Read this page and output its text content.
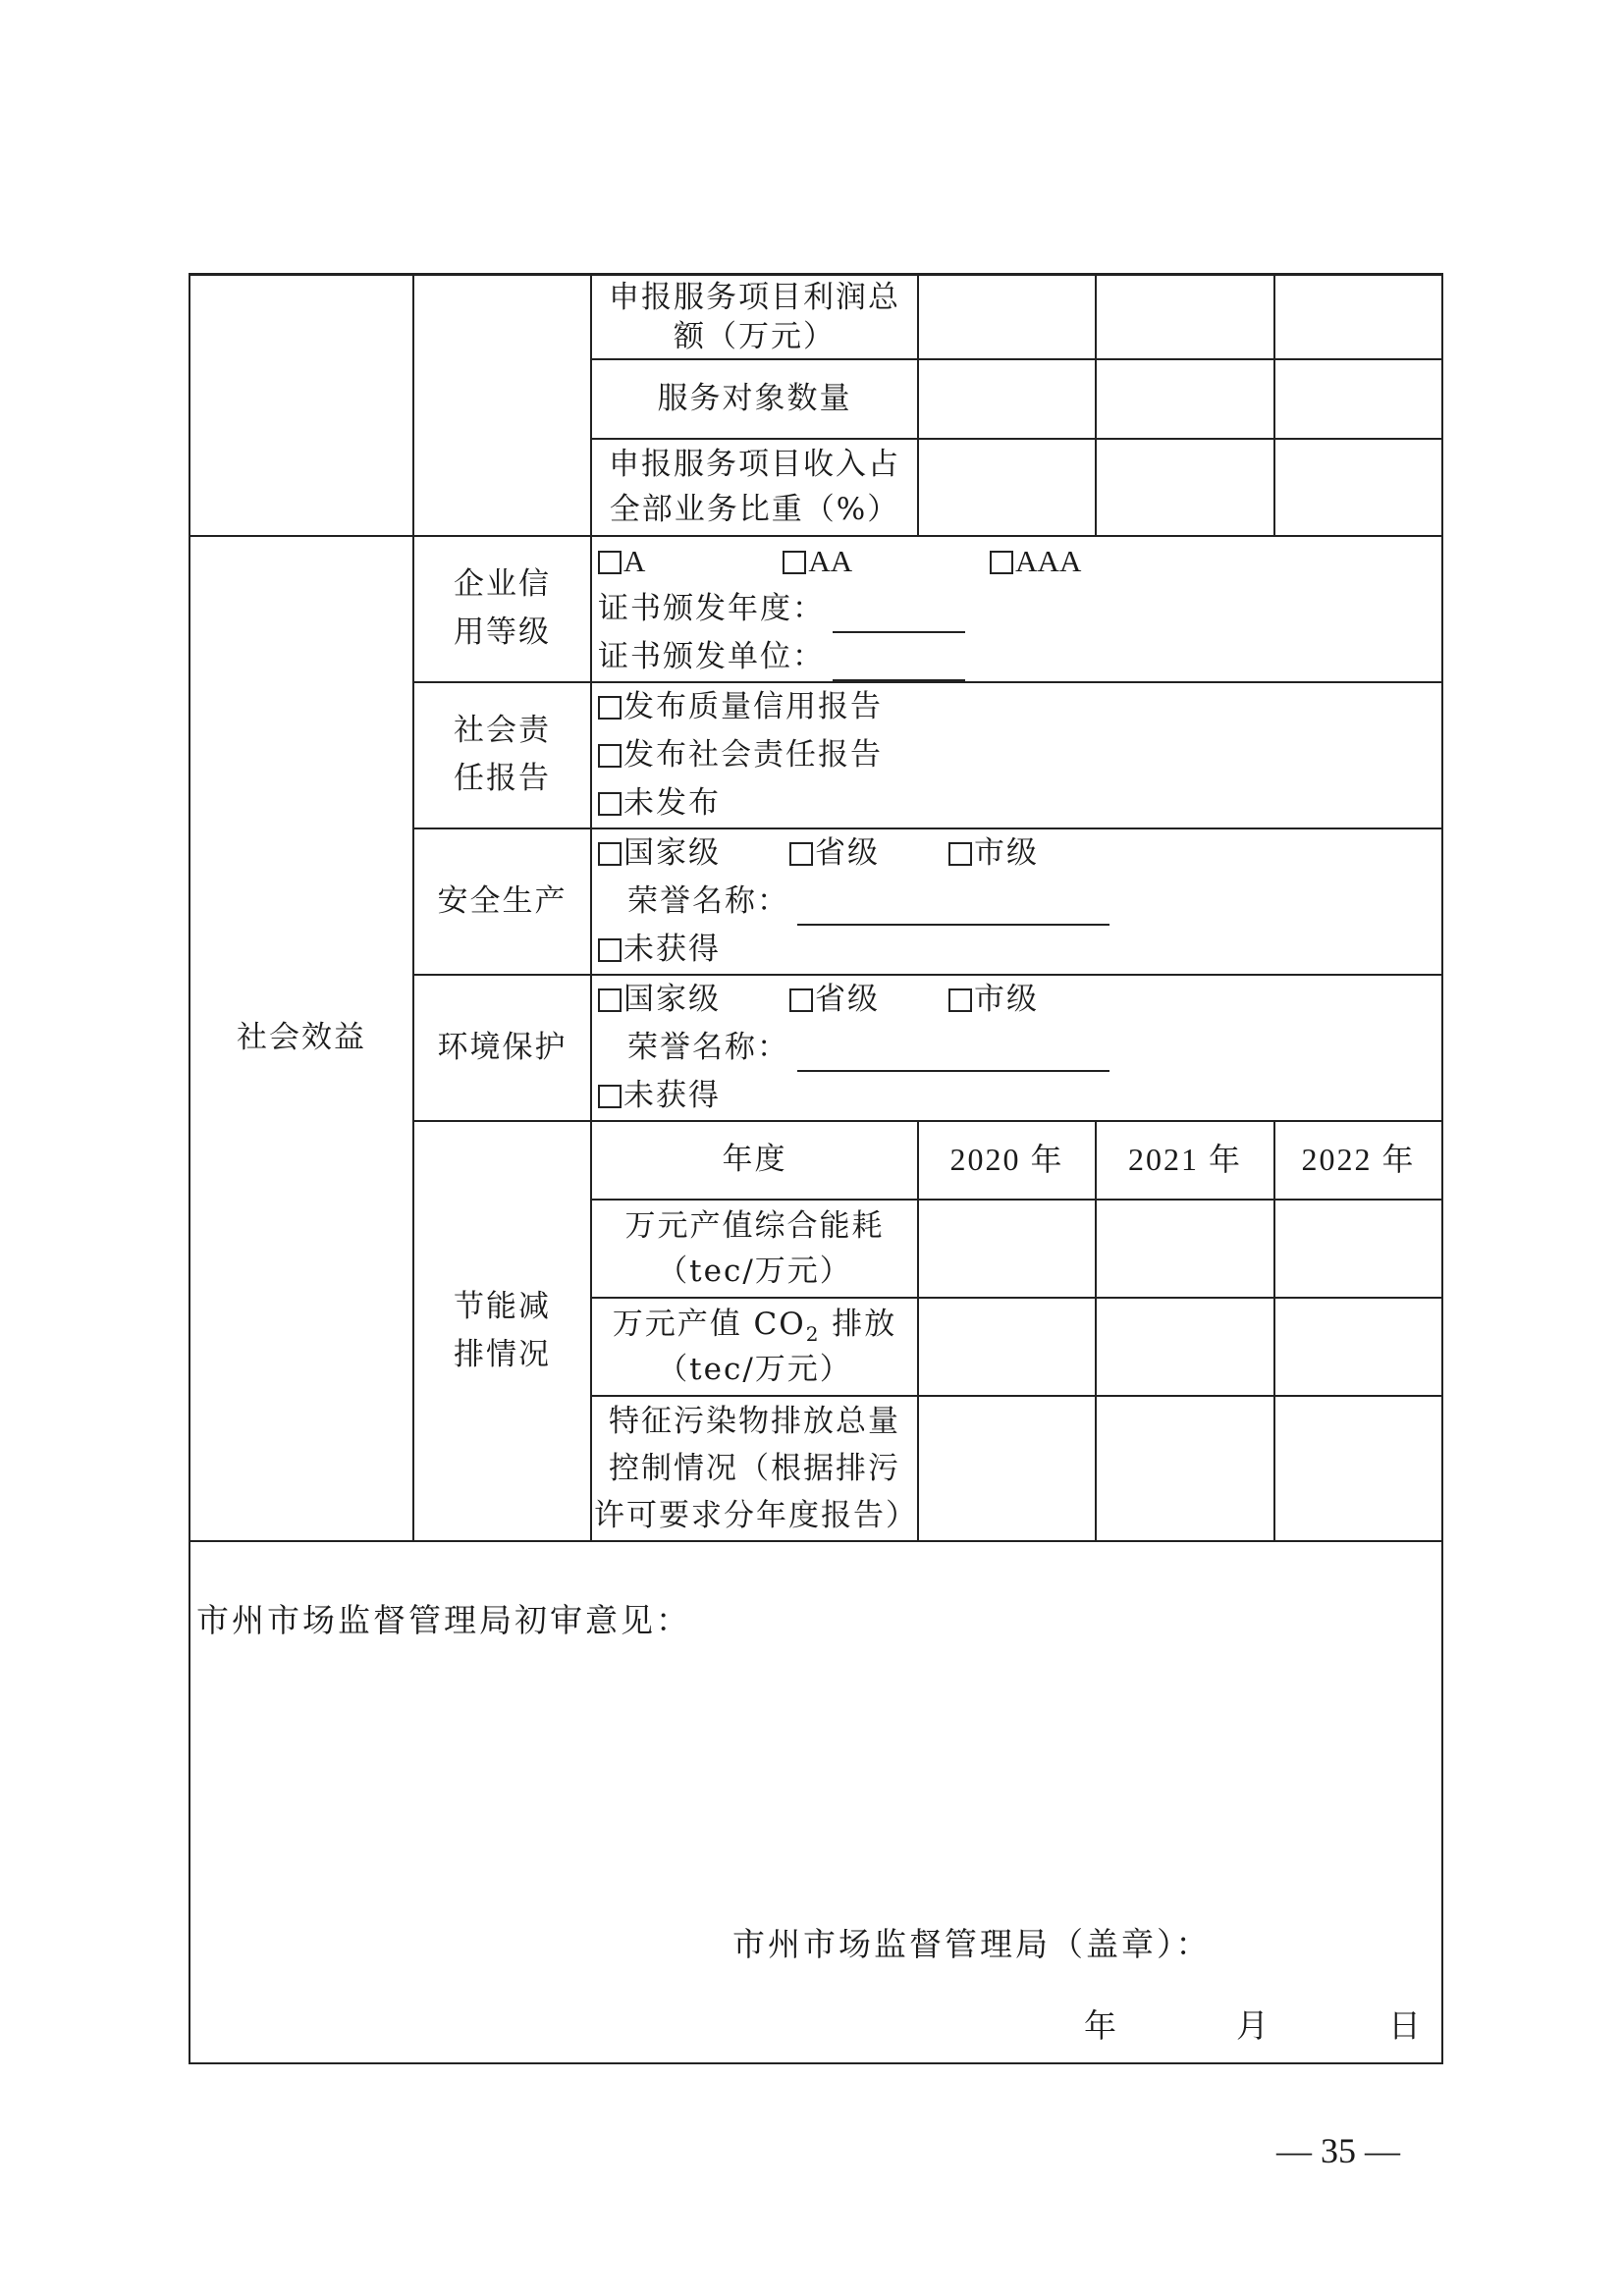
		申报服务项目利润总额（万元）			
		服务对象数量			
		申报服务项目收入占全部业务比重（%）			
社会效益	企业信用等级	A AA AAA
证书颁发年度：
证书颁发单位：			

	社会责任报告	发布质量信用报告
发布社会责任报告
未发布			

	安全生产	国家级 省级 市级
荣誉名称：
未获得			

	环境保护	国家级 省级 市级
荣誉名称：
未获得			

	节能减排情况	年度	2020 年	2021 年	2022 年

		万元产值综合能耗
（tec/万元）			

		万元产值 $CO_2$ 排放
（tec/万元）			

		特征污染物排放总量控制情况（根据排污许可要求分年度报告）			

市州市场监督管理局初审意见：
市州市场监督管理局（盖章）：
年 月 日					
— 35 —
